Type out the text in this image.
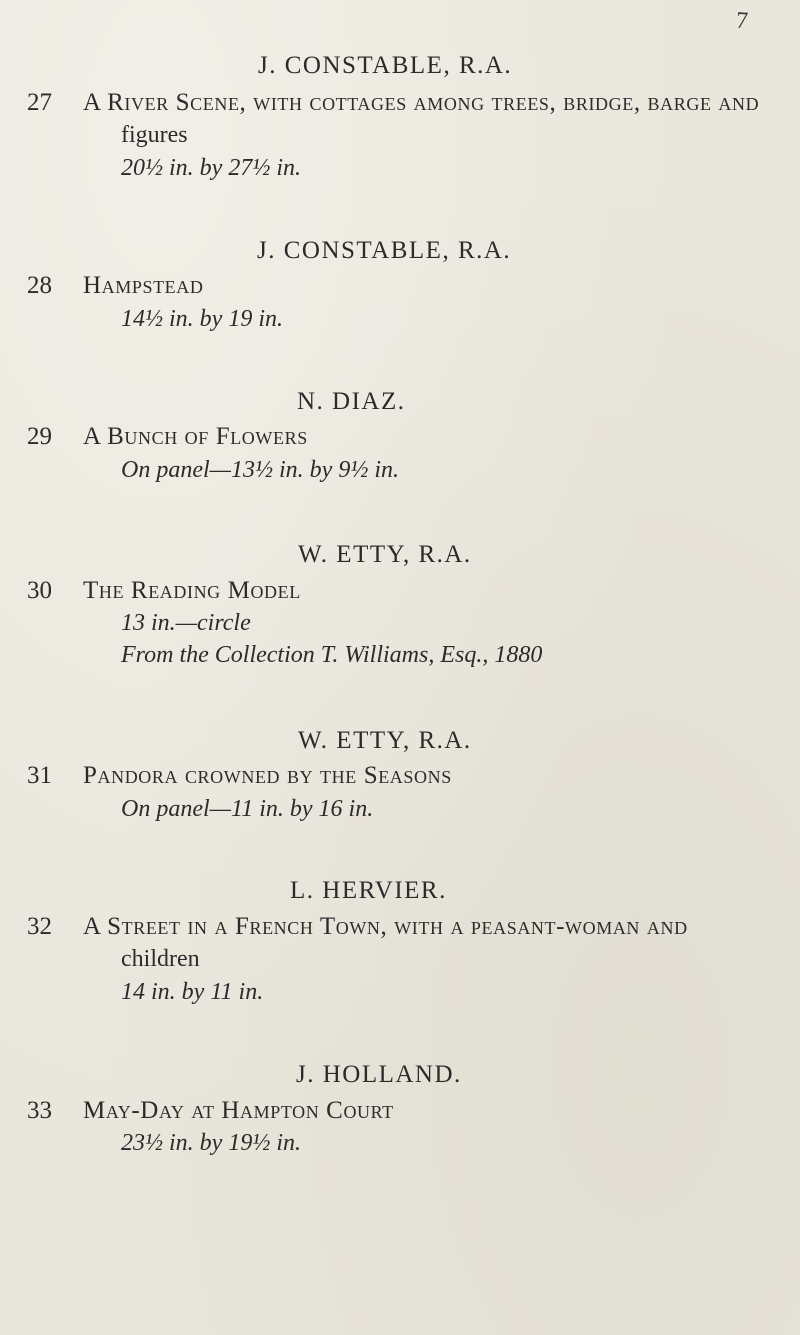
7
J. CONSTABLE, R.A.
27 A River Scene, with cottages among trees, bridge, barge and
figures
20½ in. by 27½ in.
J. CONSTABLE, R.A.
28 Hampstead
14½ in. by 19 in.
N. DIAZ.
29 A Bunch of Flowers
On panel—13½ in. by 9½ in.
W. ETTY, R.A.
30 The Reading Model
13 in.—circle
From the Collection T. Williams, Esq., 1880
W. ETTY, R.A.
31 Pandora crowned by the Seasons
On panel—11 in. by 16 in.
L. HERVIER.
32 A Street in a French Town, with a peasant-woman and
children
14 in. by 11 in.
J. HOLLAND.
33 May-Day at Hampton Court
23½ in. by 19½ in.
